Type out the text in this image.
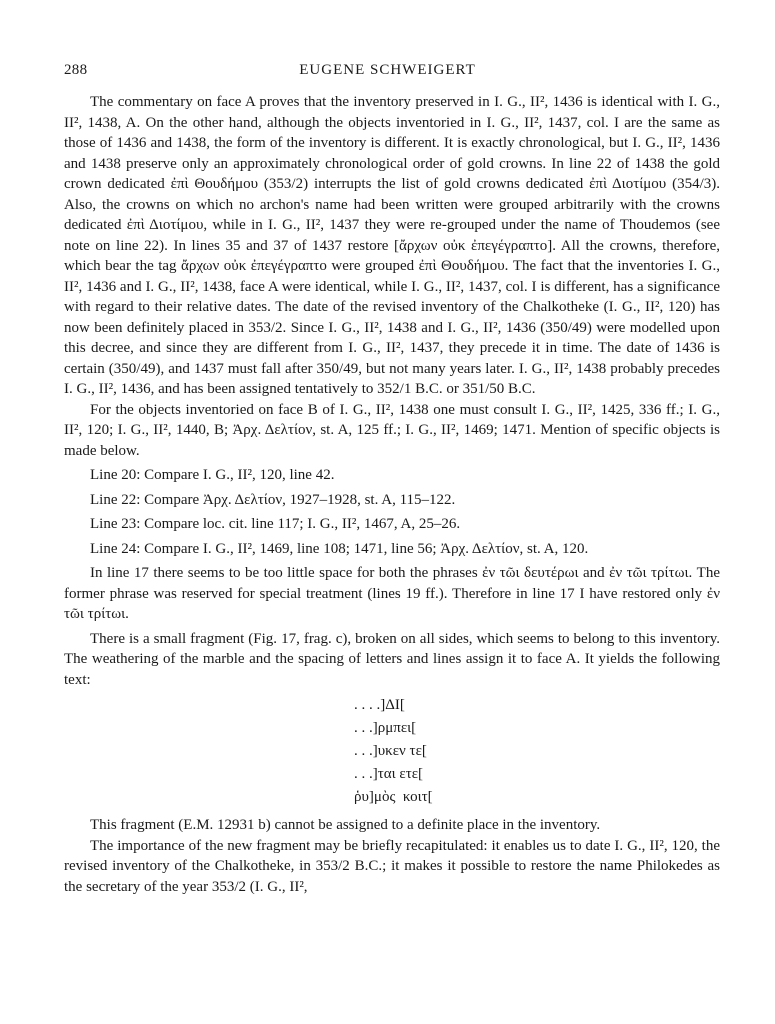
288	EUGENE SCHWEIGERT

The commentary on face A proves that the inventory preserved in I. G., II², 1436 is identical with I. G., II², 1438, A. On the other hand, although the objects inventoried in I. G., II², 1437, col. I are the same as those of 1436 and 1438, the form of the inventory is different. It is exactly chronological, but I. G., II², 1436 and 1438 preserve only an approximately chronological order of gold crowns. In line 22 of 1438 the gold crown dedicated ἐπὶ Θουδήμου (353/2) interrupts the list of gold crowns dedicated ἐπὶ Διοτίμου (354/3). Also, the crowns on which no archon's name had been written were grouped arbitrarily with the crowns dedicated ἐπὶ Διοτίμου, while in I. G., II², 1437 they were re-grouped under the name of Thoudemos (see note on line 22). In lines 35 and 37 of 1437 restore [ἄρχων οὐκ ἐπεγέγραπτο]. All the crowns, therefore, which bear the tag ἄρχων οὐκ ἐπεγέγραπτο were grouped ἐπὶ Θουδήμου. The fact that the inventories I. G., II², 1436 and I. G., II², 1438, face A were identical, while I. G., II², 1437, col. I is different, has a significance with regard to their relative dates. The date of the revised inventory of the Chalkotheke (I. G., II², 120) has now been definitely placed in 353/2. Since I. G., II², 1438 and I. G., II², 1436 (350/49) were modelled upon this decree, and since they are different from I. G., II², 1437, they precede it in time. The date of 1436 is certain (350/49), and 1437 must fall after 350/49, but not many years later. I. G., II², 1438 probably precedes I. G., II², 1436, and has been assigned tentatively to 352/1 B.C. or 351/50 B.C.

For the objects inventoried on face B of I. G., II², 1438 one must consult I. G., II², 1425, 336 ff.; I. G., II², 120; I. G., II², 1440, B; Ἀρχ. Δελτίον, st. A, 125 ff.; I. G., II², 1469; 1471. Mention of specific objects is made below.

Line 20: Compare I. G., II², 120, line 42.

Line 22: Compare Ἀρχ. Δελτίον, 1927–1928, st. A, 115–122.

Line 23: Compare loc. cit. line 117; I. G., II², 1467, A, 25–26.

Line 24: Compare I. G., II², 1469, line 108; 1471, line 56; Ἀρχ. Δελτίον, st. A, 120.

In line 17 there seems to be too little space for both the phrases ἐν τῶι δευτέρωι and ἐν τῶι τρίτωι. The former phrase was reserved for special treatment (lines 19 ff.). Therefore in line 17 I have restored only ἐν τῶι τρίτωι.

There is a small fragment (Fig. 17, frag. c), broken on all sides, which seems to belong to this inventory. The weathering of the marble and the spacing of letters and lines assign it to face A. It yields the following text:

. . . .]ΔΙ[
. . .]ρμπει[
. . .]υκεν τε[
. . .]ται ετε[
ῥυ]μὸς  κοιτ[

This fragment (E.M. 12931 b) cannot be assigned to a definite place in the inventory.

The importance of the new fragment may be briefly recapitulated: it enables us to date I. G., II², 120, the revised inventory of the Chalkotheke, in 353/2 B.C.; it makes it possible to restore the name Philokedes as the secretary of the year 353/2 (I. G., II²,
